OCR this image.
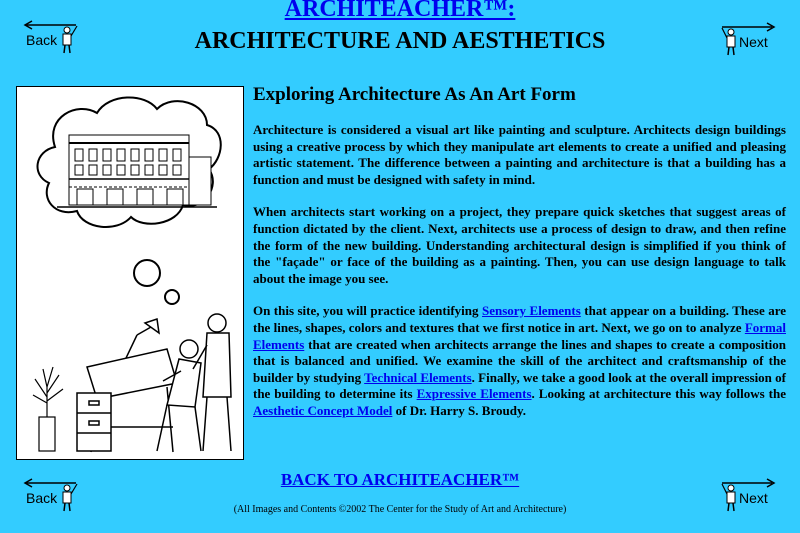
Back	Next
ARCHITEACHER™:
ARCHITECTURE AND AESTHETICS
Exploring Architecture As An Art Form

Architecture is considered a visual art like painting and sculpture. Architects design buildings using a creative process by which they manipulate art elements to create a unified and pleasing artistic statement. The difference between a painting and architecture is that a building has a function and must be designed with safety in mind.

When architects start working on a project, they prepare quick sketches that suggest areas of function dictated by the client. Next, architects use a process of design to draw, and then refine the form of the new building. Understanding architectural design is simplified if you think of the "façade" or face of the building as a painting. Then, you can use design language to talk about the image you see.

On this site, you will practice identifying Sensory Elements that appear on a building. These are the lines, shapes, colors and textures that we first notice in art. Next, we go on to analyze Formal Elements that are created when architects arrange the lines and shapes to create a composition that is balanced and unified. We examine the skill of the architect and craftsmanship of the builder by studying Technical Elements. Finally, we take a good look at the overall impression of the building to determine its Expressive Elements. Looking at architecture this way follows the Aesthetic Concept Model of Dr. Harry S. Broudy.

Back	Next
BACK TO ARCHITEACHER™
(All Images and Contents ©2002 The Center for the Study of Art and Architecture)
